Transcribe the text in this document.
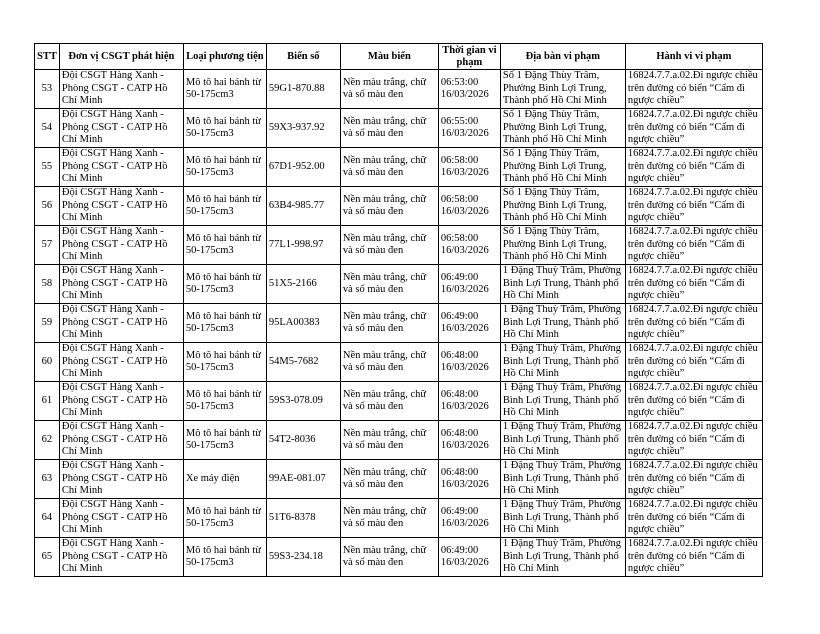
STT	Đơn vị CSGT phát hiện	Loại phương tiện	Biển số	Màu biển	Thời gian vi phạm	Địa bàn vi phạm	Hành vi vi phạm
53	Đội CSGT Hàng Xanh - Phòng CSGT - CATP Hồ Chí Minh	Mô tô hai bánh từ 50-175cm3	59G1-870.88	Nền màu trắng, chữ và số màu đen	06:53:00 16/03/2026	Số 1 Đặng Thùy Trâm, Phường Bình Lợi Trung, Thành phố Hồ Chí Minh	16824.7.7.a.02.Đi ngược chiều trên đường có biển “Cấm đi ngược chiều”
54	Đội CSGT Hàng Xanh - Phòng CSGT - CATP Hồ Chí Minh	Mô tô hai bánh từ 50-175cm3	59X3-937.92	Nền màu trắng, chữ và số màu đen	06:55:00 16/03/2026	Số 1 Đặng Thùy Trâm, Phường Bình Lợi Trung, Thành phố Hồ Chí Minh	16824.7.7.a.02.Đi ngược chiều trên đường có biển “Cấm đi ngược chiều”
55	Đội CSGT Hàng Xanh - Phòng CSGT - CATP Hồ Chí Minh	Mô tô hai bánh từ 50-175cm3	67D1-952.00	Nền màu trắng, chữ và số màu đen	06:58:00 16/03/2026	Số 1 Đặng Thùy Trâm, Phường Bình Lợi Trung, Thành phố Hồ Chí Minh	16824.7.7.a.02.Đi ngược chiều trên đường có biển “Cấm đi ngược chiều”
56	Đội CSGT Hàng Xanh - Phòng CSGT - CATP Hồ Chí Minh	Mô tô hai bánh từ 50-175cm3	63B4-985.77	Nền màu trắng, chữ và số màu đen	06:58:00 16/03/2026	Số 1 Đặng Thùy Trâm, Phường Bình Lợi Trung, Thành phố Hồ Chí Minh	16824.7.7.a.02.Đi ngược chiều trên đường có biển “Cấm đi ngược chiều”
57	Đội CSGT Hàng Xanh - Phòng CSGT - CATP Hồ Chí Minh	Mô tô hai bánh từ 50-175cm3	77L1-998.97	Nền màu trắng, chữ và số màu đen	06:58:00 16/03/2026	Số 1 Đặng Thùy Trâm, Phường Bình Lợi Trung, Thành phố Hồ Chí Minh	16824.7.7.a.02.Đi ngược chiều trên đường có biển “Cấm đi ngược chiều”
58	Đội CSGT Hàng Xanh - Phòng CSGT - CATP Hồ Chí Minh	Mô tô hai bánh từ 50-175cm3	51X5-2166	Nền màu trắng, chữ và số màu đen	06:49:00 16/03/2026	1 Đặng Thuỳ Trâm, Phường Bình Lợi Trung, Thành phố Hồ Chí Minh	16824.7.7.a.02.Đi ngược chiều trên đường có biển “Cấm đi ngược chiều”
59	Đội CSGT Hàng Xanh - Phòng CSGT - CATP Hồ Chí Minh	Mô tô hai bánh từ 50-175cm3	95LA00383	Nền màu trắng, chữ và số màu đen	06:49:00 16/03/2026	1 Đặng Thuỳ Trâm, Phường Bình Lợi Trung, Thành phố Hồ Chí Minh	16824.7.7.a.02.Đi ngược chiều trên đường có biển “Cấm đi ngược chiều”
60	Đội CSGT Hàng Xanh - Phòng CSGT - CATP Hồ Chí Minh	Mô tô hai bánh từ 50-175cm3	54M5-7682	Nền màu trắng, chữ và số màu đen	06:48:00 16/03/2026	1 Đặng Thuỳ Trâm, Phường Bình Lợi Trung, Thành phố Hồ Chí Minh	16824.7.7.a.02.Đi ngược chiều trên đường có biển “Cấm đi ngược chiều”
61	Đội CSGT Hàng Xanh - Phòng CSGT - CATP Hồ Chí Minh	Mô tô hai bánh từ 50-175cm3	59S3-078.09	Nền màu trắng, chữ và số màu đen	06:48:00 16/03/2026	1 Đặng Thuỳ Trâm, Phường Bình Lợi Trung, Thành phố Hồ Chí Minh	16824.7.7.a.02.Đi ngược chiều trên đường có biển “Cấm đi ngược chiều”
62	Đội CSGT Hàng Xanh - Phòng CSGT - CATP Hồ Chí Minh	Mô tô hai bánh từ 50-175cm3	54T2-8036	Nền màu trắng, chữ và số màu đen	06:48:00 16/03/2026	1 Đặng Thuỳ Trâm, Phường Bình Lợi Trung, Thành phố Hồ Chí Minh	16824.7.7.a.02.Đi ngược chiều trên đường có biển “Cấm đi ngược chiều”
63	Đội CSGT Hàng Xanh - Phòng CSGT - CATP Hồ Chí Minh	Xe máy điện	99AE-081.07	Nền màu trắng, chữ và số màu đen	06:48:00 16/03/2026	1 Đặng Thuỳ Trâm, Phường Bình Lợi Trung, Thành phố Hồ Chí Minh	16824.7.7.a.02.Đi ngược chiều trên đường có biển “Cấm đi ngược chiều”
64	Đội CSGT Hàng Xanh - Phòng CSGT - CATP Hồ Chí Minh	Mô tô hai bánh từ 50-175cm3	51T6-8378	Nền màu trắng, chữ và số màu đen	06:49:00 16/03/2026	1 Đặng Thuỳ Trâm, Phường Bình Lợi Trung, Thành phố Hồ Chí Minh	16824.7.7.a.02.Đi ngược chiều trên đường có biển “Cấm đi ngược chiều”
65	Đội CSGT Hàng Xanh - Phòng CSGT - CATP Hồ Chí Minh	Mô tô hai bánh từ 50-175cm3	59S3-234.18	Nền màu trắng, chữ và số màu đen	06:49:00 16/03/2026	1 Đặng Thuỳ Trâm, Phường Bình Lợi Trung, Thành phố Hồ Chí Minh	16824.7.7.a.02.Đi ngược chiều trên đường có biển “Cấm đi ngược chiều”
